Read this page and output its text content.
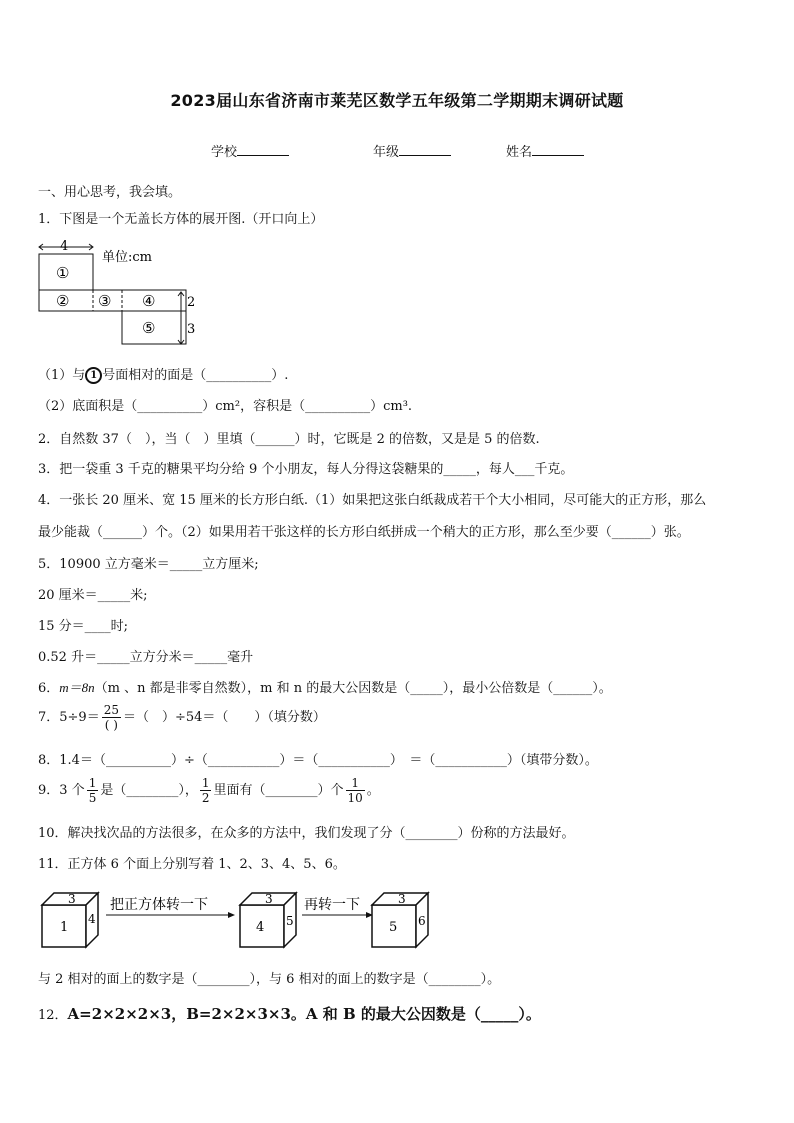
2023届山东省济南市莱芜区数学五年级第二学期期末调研试题
学校	年级	姓名
一、用心思考，我会填。
1．下图是一个无盖长方体的展开图.（开口向上）
4
①
单位:cm
② ③ ④
⑤
2
3
（1）与 1 号面相对的面是（__________）.
（2）底面积是（__________）cm²，容积是（__________）cm³.
2．自然数 37（　），当（　）里填（______）时，它既是 2 的倍数，又是是 5 的倍数.
3．把一袋重 3 千克的糖果平均分给 9 个小朋友，每人分得这袋糖果的_____，每人___千克。
4．一张长 20 厘米、宽 15 厘米的长方形白纸.（1）如果把这张白纸裁成若干个大小相同，尽可能大的正方形，那么
最少能裁（______）个。（2）如果用若干张这样的长方形白纸拼成一个稍大的正方形，那么至少要（______）张。
5．10900 立方毫米＝_____立方厘米;
20 厘米＝_____米;
15 分＝____时;
0.52 升＝_____立方分米＝_____毫升
6．m＝8n（m 、n 都是非零自然数），m 和 n 的最大公因数是（_____），最小公倍数是（______）。
7．$5\div 9= \frac{25}{( )}$ ＝（　）÷54＝（　　）（填分数）
8．1.4＝（__________）÷（___________）＝（___________）　＝（___________）（填带分数）。
9．3 个 $\frac{1}{5}$ 是（________）， $\frac{1}{2}$ 里面有（________）个 $\frac{1}{10}$ 。
10．解决找次品的方法很多，在众多的方法中，我们发现了分（________）份称的方法最好。
11．正方体 6 个面上分别写着 1、2、3、4、5、6。
3
1
4
把正方体转一下	3
4 5
再转一下	3
5 6
与 2 相对的面上的数字是（________），与 6 相对的面上的数字是（________）。
12．A=2×2×2×3，B=2×2×3×3。A 和 B 的最大公因数是（_____）。
